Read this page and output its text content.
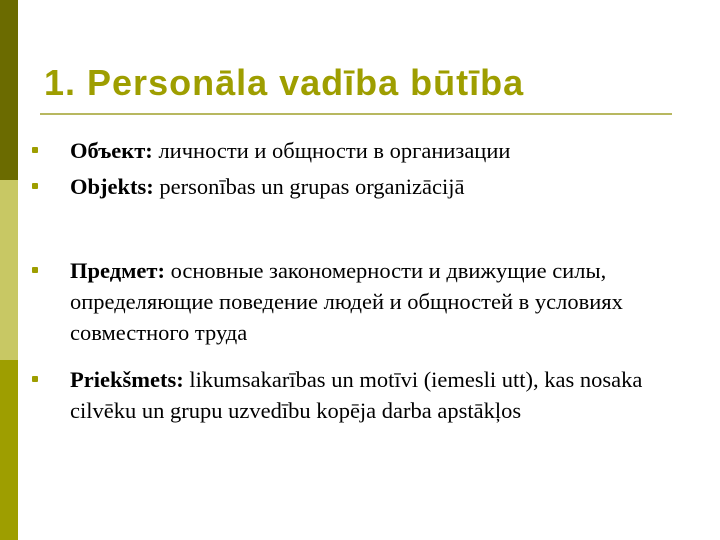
1. Personāla vadība būtība
Объект: личности и общности в организации
Objekts: personības un grupas organizācijā
Предмет: основные закономерности и движущие силы, определяющие поведение людей и общностей в условиях совместного труда
Priekšmets: likumsakarības un motīvi (iemesli utt), kas nosaka cilvēku un grupu uzvedību kopēja darba apstākļos
